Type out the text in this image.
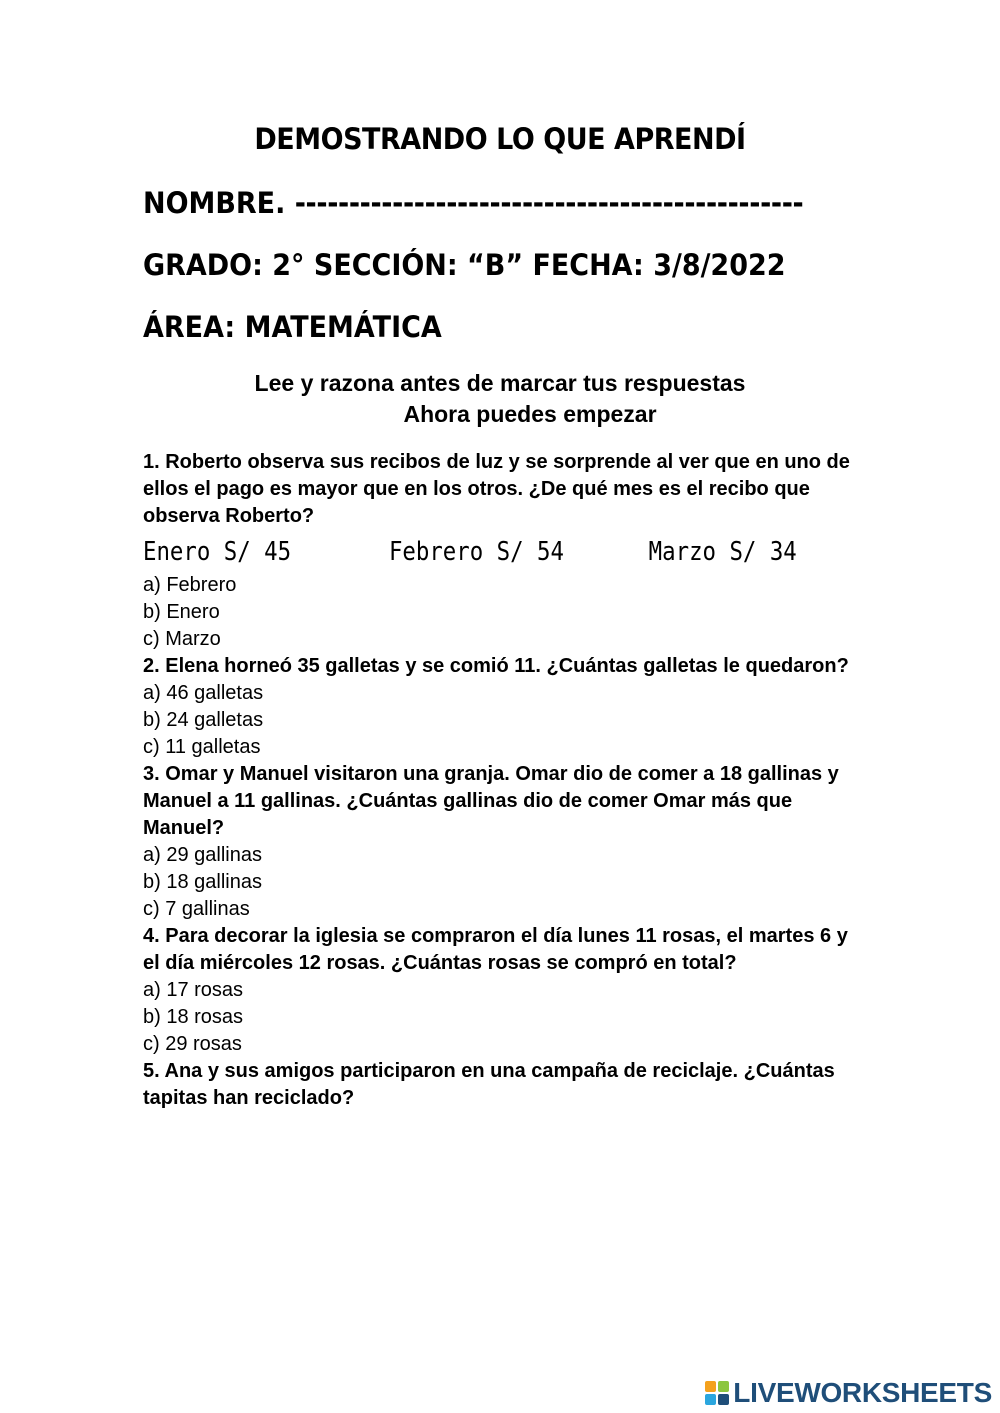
DEMOSTRANDO LO QUE APRENDÍ
NOMBRE. -----------------------------------------------
GRADO: 2° SECCIÓN: “B” FECHA: 3/8/2022
ÁREA: MATEMÁTICA
Lee y razona antes de marcar tus respuestas
Ahora puedes empezar

1. Roberto observa sus recibos de luz y se sorprende al ver que en uno de ellos el pago es mayor que en los otros. ¿De qué mes es el recibo que observa Roberto?

Enero S/ 45	Febrero S/ 54	Marzo S/ 34

a) Febrero

b) Enero

c) Marzo

2. Elena horneó 35 galletas y se comió 11. ¿Cuántas galletas le quedaron?

a) 46 galletas

b) 24 galletas

c) 11 galletas

3. Omar y Manuel visitaron una granja. Omar dio de comer a 18 gallinas y Manuel a 11 gallinas. ¿Cuántas gallinas dio de comer Omar más que Manuel?

a) 29 gallinas

b) 18 gallinas

c) 7 gallinas

4. Para decorar la iglesia se compraron el día lunes 11 rosas, el martes 6 y el día miércoles 12 rosas. ¿Cuántas rosas se compró en total?

a) 17 rosas

b) 18 rosas

c) 29 rosas

5. Ana y sus amigos participaron en una campaña de reciclaje. ¿Cuántas tapitas han reciclado?

LIVEWORKSHEETS
